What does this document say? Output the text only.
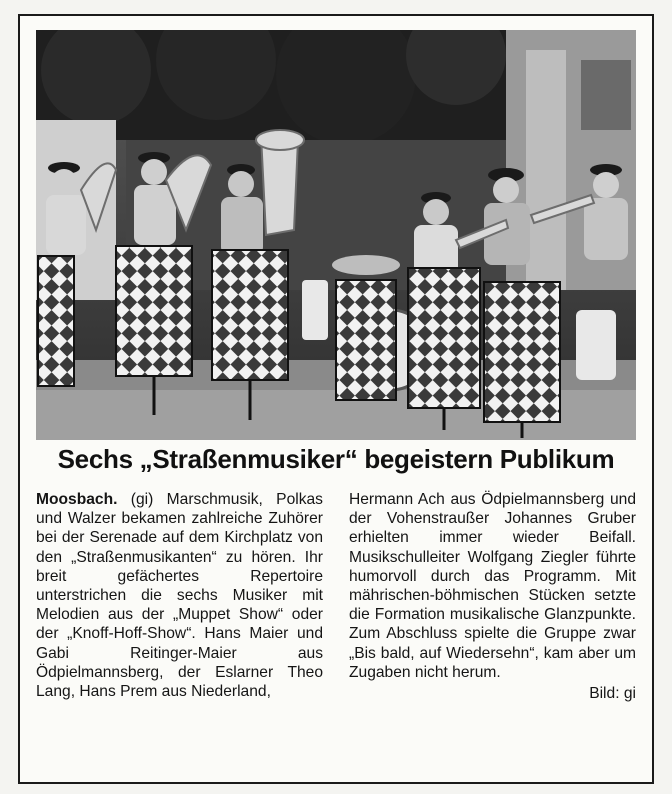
Sechs „Straßenmusiker“ begeistern Publikum

Moosbach. (gi) Marschmusik, Polkas und Walzer bekamen zahlreiche Zuhörer bei der Serenade auf dem Kirchplatz von den „Straßenmusikanten“ zu hören. Ihr breit gefächertes Repertoire unterstrichen die sechs Musiker mit Melodien aus der „Muppet Show“ oder der „Knoff-Hoff-Show“. Hans Maier und Gabi Reitinger-Maier aus Ödpielmannsberg, der Eslarner Theo Lang, Hans Prem aus Niederland,

Hermann Ach aus Ödpielmannsberg und der Vohenstraußer Johannes Gruber erhielten immer wieder Beifall. Musikschulleiter Wolfgang Ziegler führte humorvoll durch das Programm. Mit mährischen-böhmischen Stücken setzte die Formation musikalische Glanzpunkte. Zum Abschluss spielte die Gruppe zwar „Bis bald, auf Wiedersehn“, kam aber um Zugaben nicht herum.

Bild: gi
